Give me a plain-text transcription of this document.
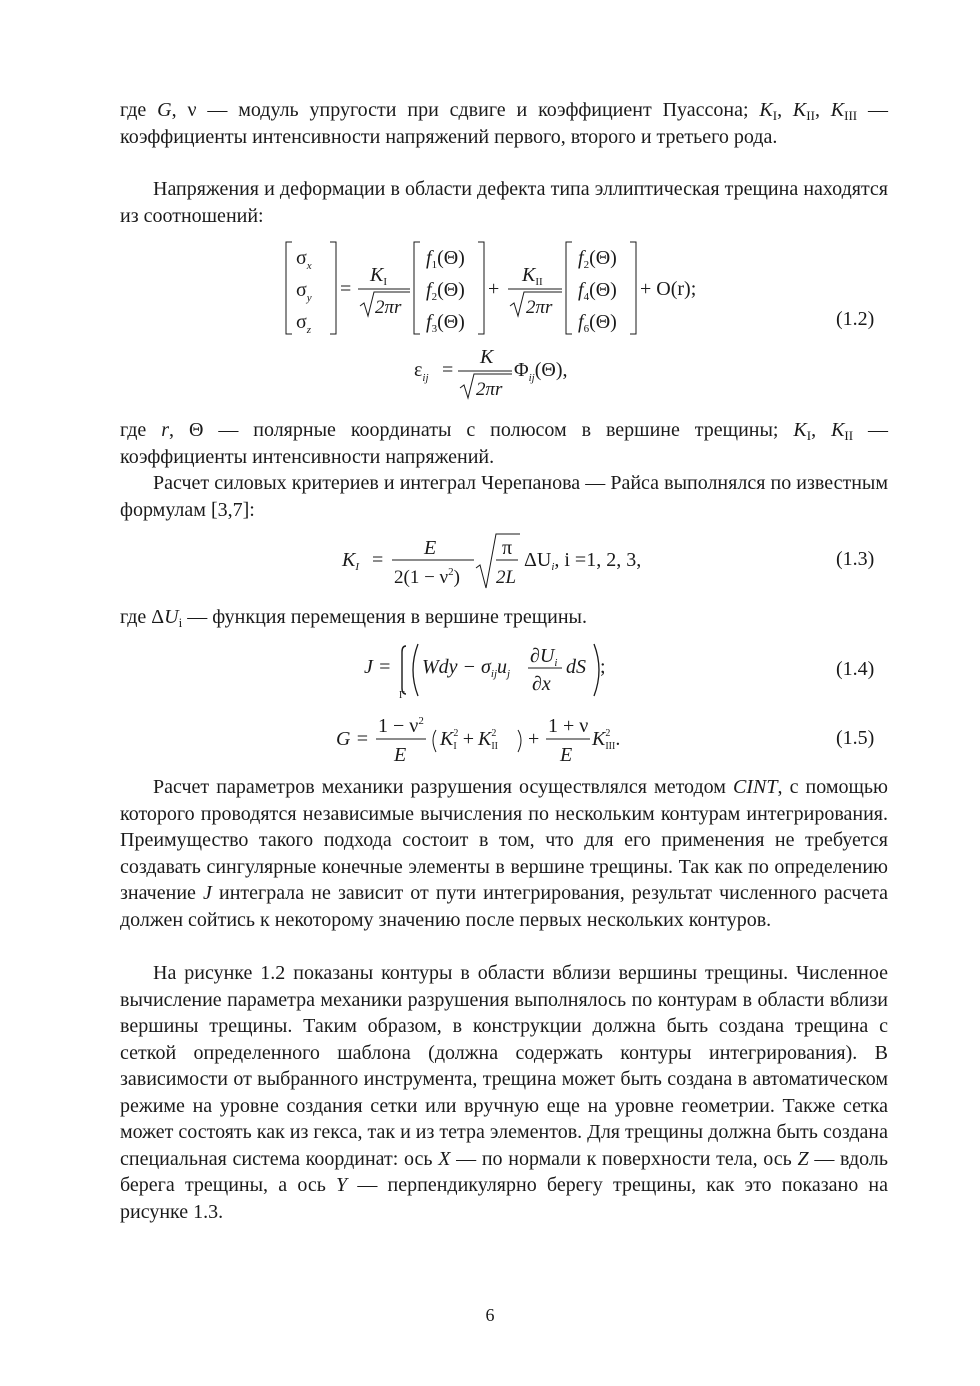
где G, ν — модуль упругости при сдвиге и коэффициент Пуассона; $K_I$, $K_{II}$, $K_{III}$ — коэффициенты интенсивности напряжений первого, второго и третьего рода.

Напряжения и деформации в области дефекта типа эллиптическая трещина находятся из соотношений:

$\sigma_x$
$\sigma_y$
$\sigma_z$
=
$K_I$
2πr
$f_1(\Theta)$
$f_2(\Theta)$
$f_3(\Theta)$
+
$K_{II}$
2πr
$f_2(\Theta)$
$f_4(\Theta)$
$f_6(\Theta)$
+ O(r);
$\varepsilon_{ij}$ =
K
2πr
$\Phi_{ij}(\Theta)$,
(1.2)

где r, Θ — полярные координаты с полюсом в вершине трещины; $K_I$, $K_{II}$ — коэффициенты интенсивности напряжений.

Расчет силовых критериев и интеграл Черепанова — Райса выполнялся по известным формулам [3,7]:

$K_I$ =
E
$2(1 - \nu^2)$
π
2L
$\Delta U_i$, i =1, 2, 3,	(1.3)

где $\Delta U_i$ — функция перемещения в вершине трещины.

J =
Γ
Wdy − $\sigma_{ij}u_j$
$\partial U_i$
∂x
dS ;	(1.4)
G =
$1 - \nu^2$
E
$K^2$ $I + K^2$ II +
1 + ν
E
$K^2$ III.	(1.5)

Расчет параметров механики разрушения осуществлялся методом CINT, с помощью которого проводятся независимые вычисления по нескольким контурам интегрирования. Преимущество такого подхода состоит в том, что для его применения не требуется создавать сингулярные конечные элементы в вершине трещины. Так как по определению значение J интеграла не зависит от пути интегрирования, результат численного расчета должен сойтись к некоторому значению после первых нескольких контуров.

На рисунке 1.2 показаны контуры в области вблизи вершины трещины. Численное вычисление параметра механики разрушения выполнялось по контурам в области вблизи вершины трещины. Таким образом, в конструкции должна быть создана трещина с сеткой определенного шаблона (должна содержать контуры интегрирования). В зависимости от выбранного инструмента, трещина может быть создана в автоматическом режиме на уровне создания сетки или вручную еще на уровне геометрии. Также сетка может состоять как из гекса, так и из тетра элементов. Для трещины должна быть создана специальная система координат: ось X — по нормали к поверхности тела, ось Z — вдоль берега трещины, а ось Y — перпендикулярно берегу трещины, как это показано на рисунке 1.3.

6
